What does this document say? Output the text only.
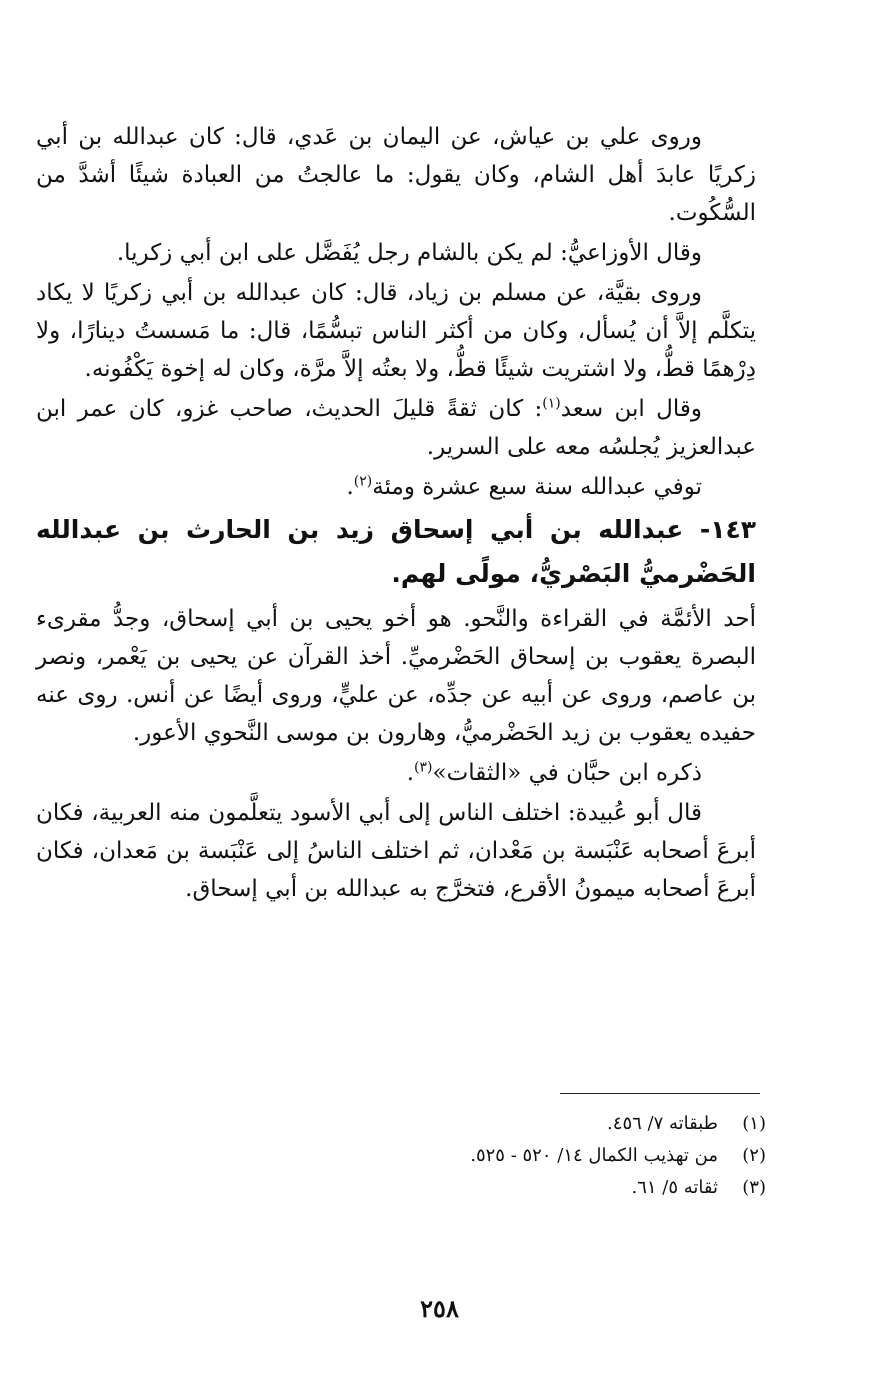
وروى علي بن عياش، عن اليمان بن عَدي، قال: كان عبدالله بن أبي زكريًا عابدَ أهل الشام، وكان يقول: ما عالجتُ من العبادة شيئًا أشدَّ من السُّكُوت.

وقال الأوزاعيُّ: لم يكن بالشام رجل يُفَضَّل على ابن أبي زكريا.

وروى بقيَّة، عن مسلم بن زياد، قال: كان عبدالله بن أبي زكريًا لا يكاد يتكلَّم إلاَّ أن يُسأل، وكان من أكثر الناس تبسُّمًا، قال: ما مَسستُ دينارًا، ولا دِرْهمًا قطُّ، ولا اشتريت شيئًا قطُّ، ولا بعتُه إلاَّ مرَّة، وكان له إخوة يَكْفُونه.

وقال ابن سعد$^{(١)}$: كان ثقةً قليلَ الحديث، صاحب غزو، كان عمر ابن عبدالعزيز يُجلسُه معه على السرير.

توفي عبدالله سنة سبع عشرة ومئة$^{(٢)}$.

١٤٣- عبدالله بن أبي إسحاق زيد بن الحارث بن عبدالله الحَضْرميُّ البَصْريُّ، مولًى لهم.

أحد الأئمَّة في القراءة والنَّحو. هو أخو يحيى بن أبي إسحاق، وجدُّ مقرىء البصرة يعقوب بن إسحاق الحَضْرميِّ. أخذ القرآن عن يحيى بن يَعْمر، ونصر بن عاصم، وروى عن أبيه عن جدِّه، عن عليٍّ، وروى أيضًا عن أنس. روى عنه حفيده يعقوب بن زيد الحَضْرميُّ، وهارون بن موسى النَّحوي الأعور.

ذكره ابن حبَّان في «الثقات»$^{(٣)}$.

قال أبو عُبيدة: اختلف الناس إلى أبي الأسود يتعلَّمون منه العربية، فكان أبرعَ أصحابه عَنْبَسة بن مَعْدان، ثم اختلف الناسُ إلى عَنْبَسة بن مَعدان، فكان أبرعَ أصحابه ميمونُ الأقرع، فتخرَّج به عبدالله بن أبي إسحاق.

(١)طبقاته ٧/ ٤٥٦.
(٢)من تهذيب الكمال ١٤/ ٥٢٠ - ٥٢٥.
(٣)ثقاته ٥/ ٦١.
٢٥٨
